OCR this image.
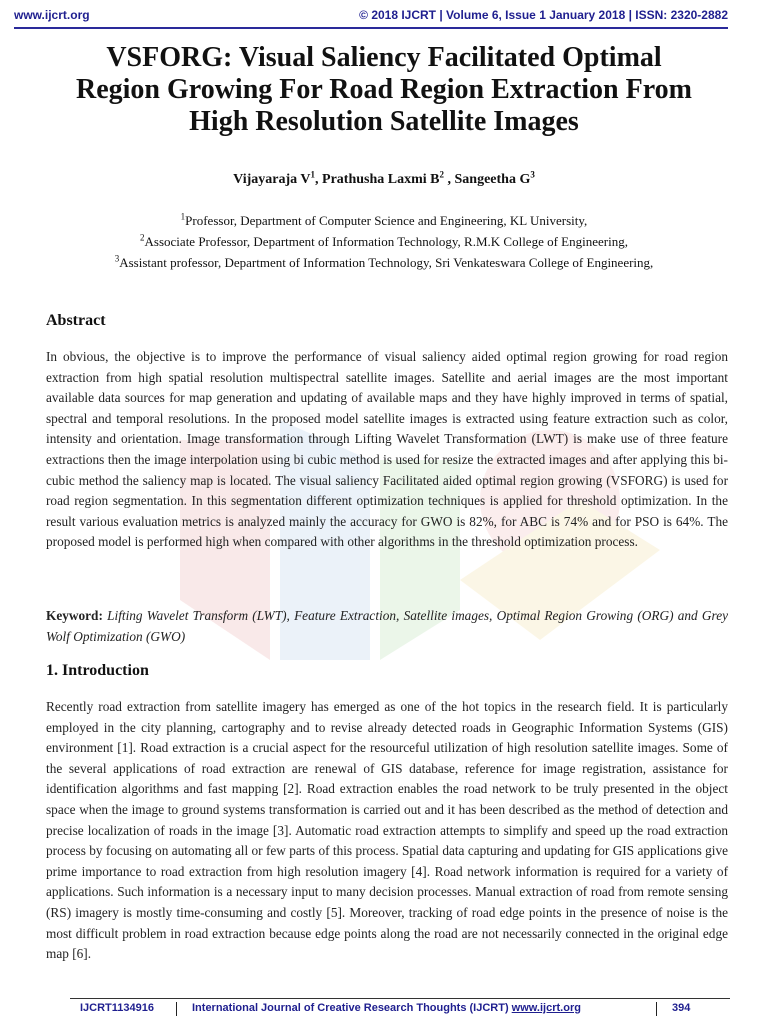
www.ijcrt.org	© 2018 IJCRT | Volume 6, Issue 1 January 2018 | ISSN: 2320-2882
VSFORG: Visual Saliency Facilitated Optimal
Region Growing For Road Region Extraction From
High Resolution Satellite Images
Vijayaraja $V^1$, Prathusha Laxmi $B^2$ , Sangeetha $G^3$
$^1$Professor, Department of Computer Science and Engineering, KL University,
$^2$Associate Professor, Department of Information Technology, R.M.K College of Engineering,
$^3$Assistant professor, Department of Information Technology, Sri Venkateswara College of Engineering,
Abstract

In obvious, the objective is to improve the performance of visual saliency aided optimal region growing for road region extraction from high spatial resolution multispectral satellite images. Satellite and aerial images are the most important available data sources for map generation and updating of available maps and they have highly improved in terms of spatial, spectral and temporal resolutions. In the proposed model satellite images is extracted using feature extraction such as color, intensity and orientation. Image transformation through Lifting Wavelet Transformation (LWT) is make use of three feature extractions then the image interpolation using bi cubic method is used for resize the extracted images and after applying this bi-cubic method the saliency map is located. The visual saliency Facilitated aided optimal region growing (VSFORG) is used for road region segmentation. In this segmentation different optimization techniques is applied for threshold optimization. In the result various evaluation metrics is analyzed mainly the accuracy for GWO is 82%, for ABC is 74% and for PSO is 64%. The proposed model is performed high when compared with other algorithms in the threshold optimization process.

Keyword: Lifting Wavelet Transform (LWT), Feature Extraction, Satellite images, Optimal Region Growing (ORG) and Grey Wolf Optimization (GWO)

1. Introduction

Recently road extraction from satellite imagery has emerged as one of the hot topics in the research field. It is particularly employed in the city planning, cartography and to revise already detected roads in Geographic Information Systems (GIS) environment [1]. Road extraction is a crucial aspect for the resourceful utilization of high resolution satellite images. Some of the several applications of road extraction are renewal of GIS database, reference for image registration, assistance for identification algorithms and fast mapping [2]. Road extraction enables the road network to be truly presented in the object space when the image to ground systems transformation is carried out and it has been described as the method of detection and precise localization of roads in the image [3]. Automatic road extraction attempts to simplify and speed up the road extraction process by focusing on automating all or few parts of this process. Spatial data capturing and updating for GIS applications give prime importance to road extraction from high resolution imagery [4]. Road network information is required for a variety of applications. Such information is a necessary input to many decision processes. Manual extraction of road from remote sensing (RS) imagery is mostly time-consuming and costly [5]. Moreover, tracking of road edge points in the presence of noise is the most difficult problem in road extraction because edge points along the road are not necessarily connected in the original edge map [6].

IJCRT1134916	International Journal of Creative Research Thoughts (IJCRT) www.ijcrt.org	394
